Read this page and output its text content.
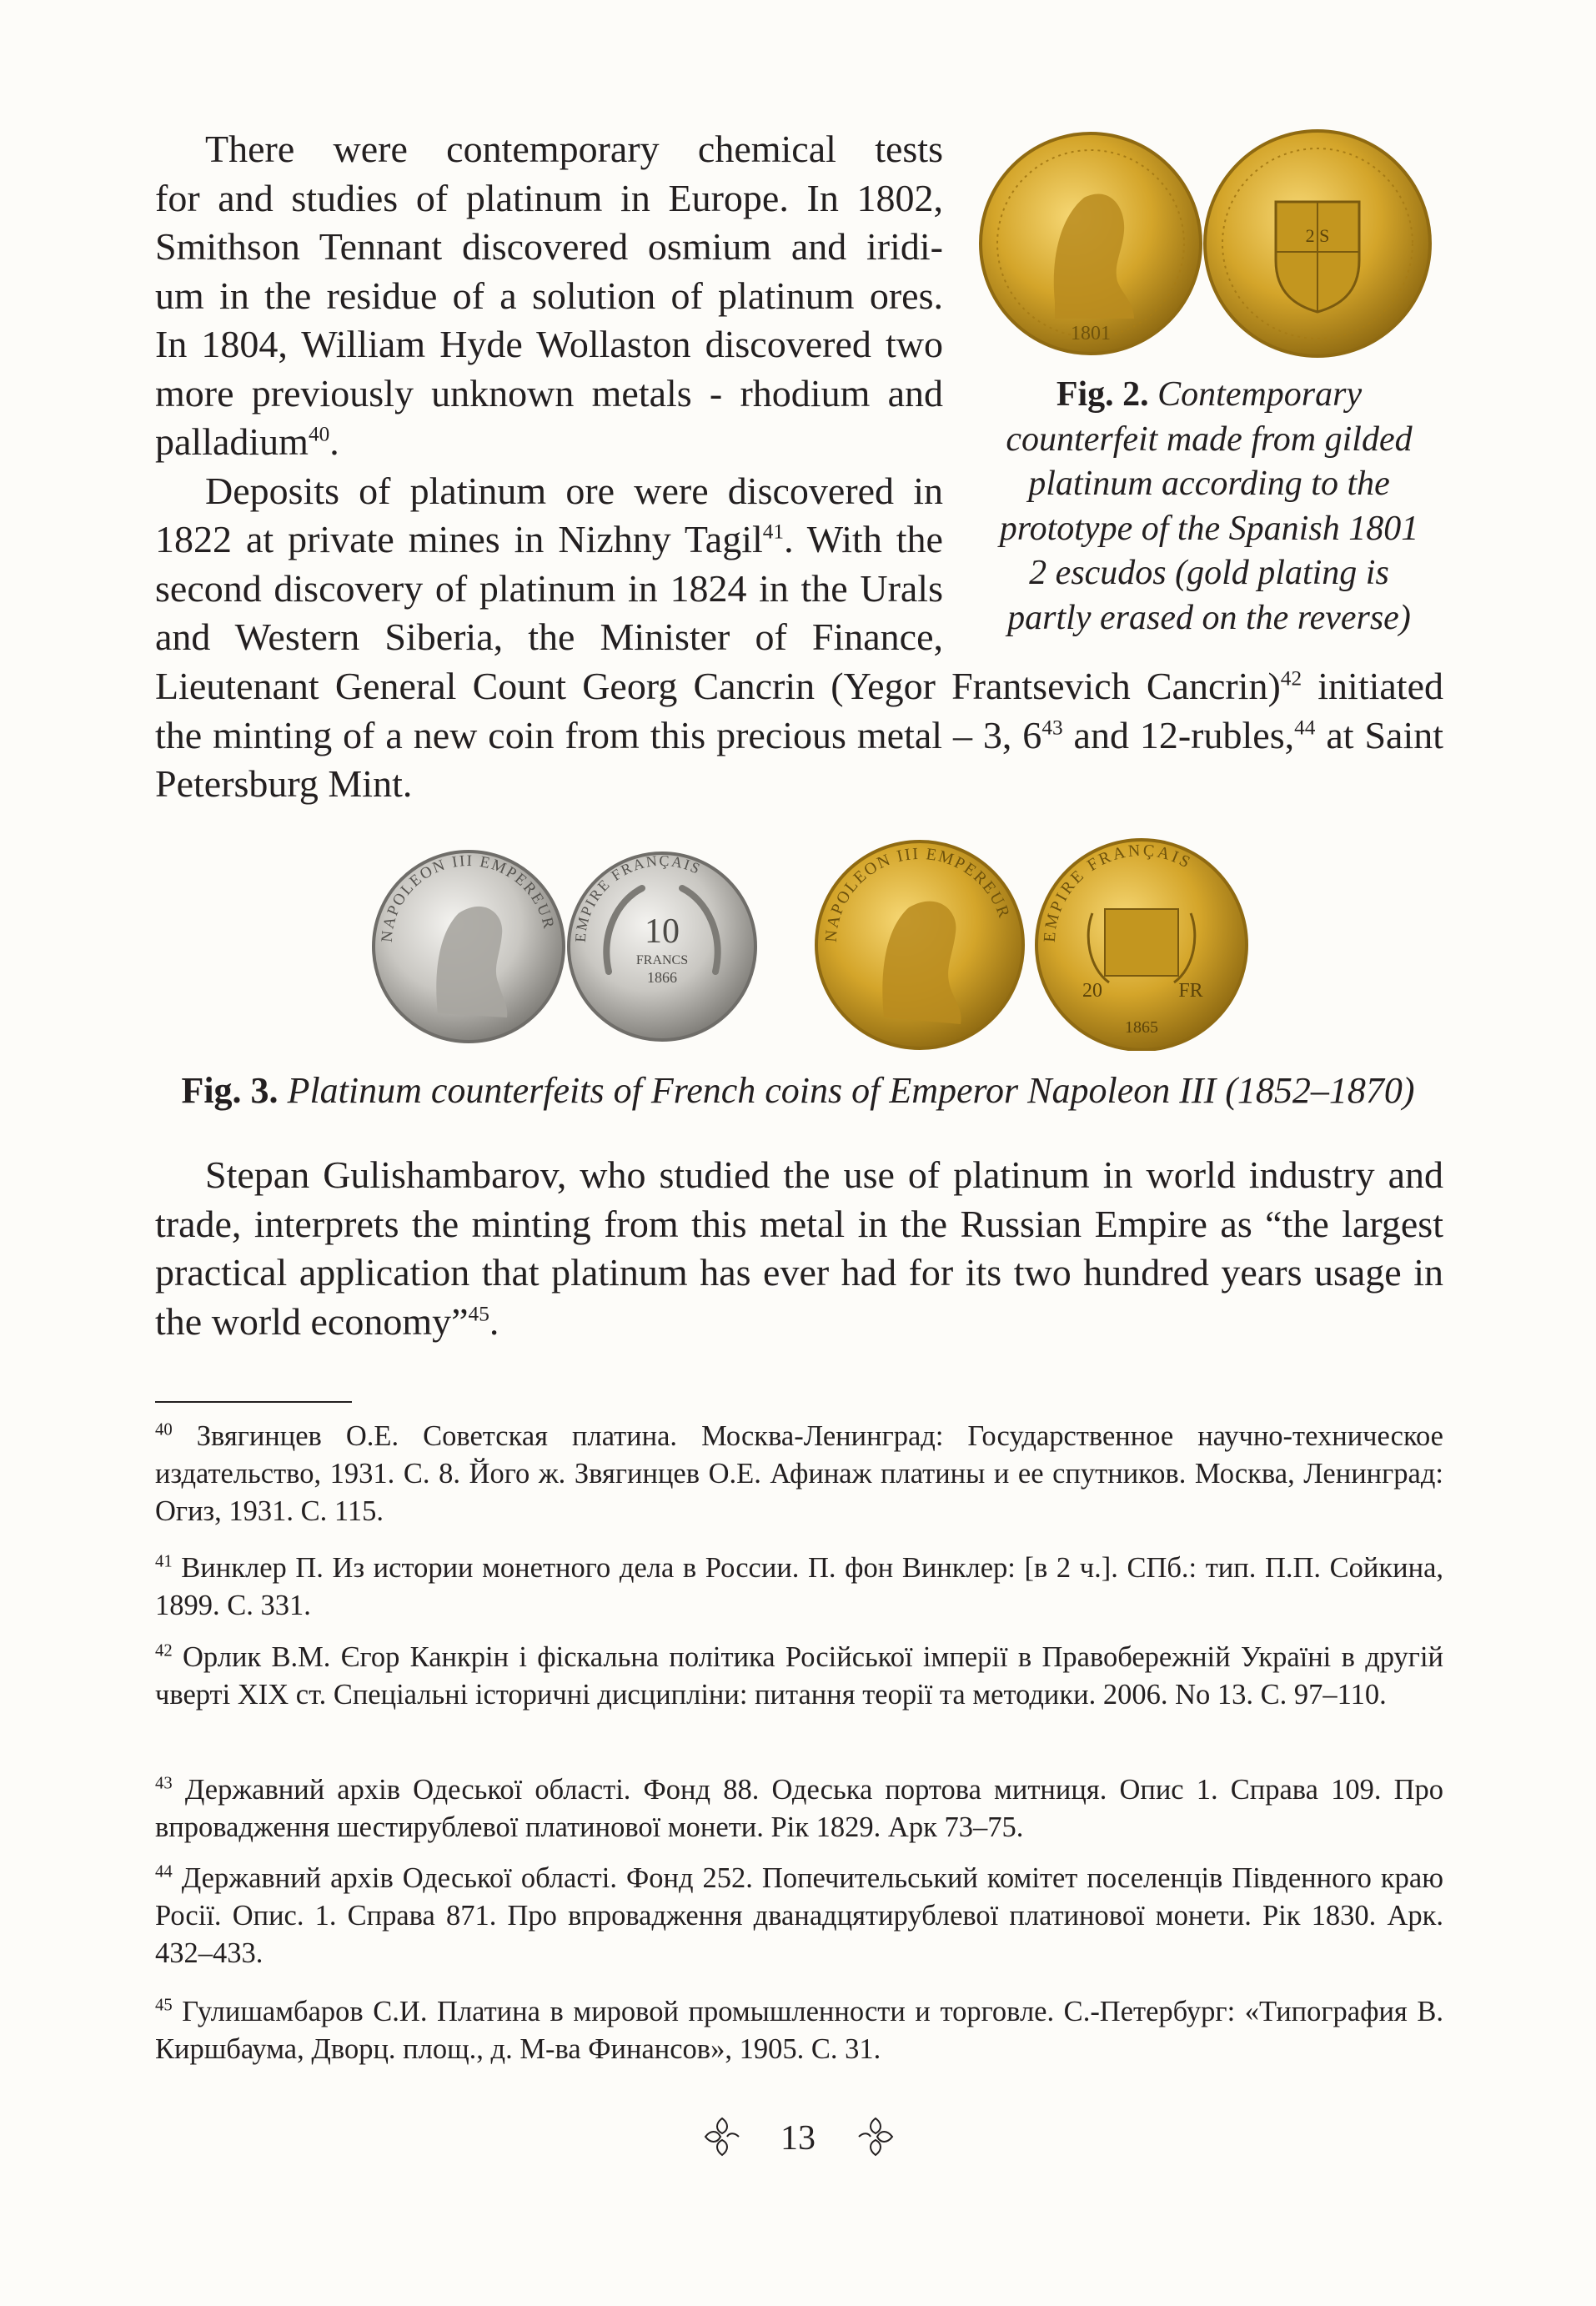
There were contemporary chemical tests
for and studies of platinum in Europe. In 1802,
Smithson Tennant discovered osmium and iridi-
um in the residue of a solution of platinum ores.
In 1804, William Hyde Wollaston discovered two
more previously unknown metals - rhodium and
palladium$^{40}$.
Deposits of platinum ore were discovered in
1822 at private mines in Nizhny Tagil$^{41}$. With the
second discovery of platinum in 1824 in the Urals
and Western Siberia, the Minister of Finance,
Lieutenant General Count Georg Cancrin (Yegor Frantsevich Cancrin)$^{42}$ initiated
the minting of a new coin from this precious metal – 3, $6^{43}$ and 12-rubles,$^{44}$ at Saint
Petersburg Mint.
1801
2 S
Fig. 2. Contemporary
counterfeit made from gilded
platinum according to the
prototype of the Spanish 1801
2 escudos (gold plating is
partly erased on the reverse)
NAPOLEON III EMPEREUR 10
FRANCS
1866
EMPIRE FRANÇAIS
NAPOLEON III EMPEREUR
20	FR
1865
EMPIRE FRANÇAIS
Fig. 3. Platinum counterfeits of French coins of Emperor Napoleon III (1852–1870)
Stepan Gulishambarov, who studied the use of platinum in world industry and
trade, interprets the minting from this metal in the Russian Empire as “the largest
practical application that platinum has ever had for its two hundred years usage in
the world economy”$^{45}$.

$^{40}$ Звягинцев О.Е. Советская платина. Москва-Ленинград: Государственное научно-техническое издательство, 1931. С. 8. Його ж. Звягинцев О.Е. Афинаж платины и ее спутников. Москва, Ленинград: Огиз, 1931. С. 115.

$^{41}$ Винклер П. Из истории монетного дела в России. П. фон Винклер: [в 2 ч.]. СПб.: тип. П.П. Сойкина, 1899. С. 331.

$^{42}$ Орлик В.М. Єгор Канкрін і фіскальна політика Російської імперії в Правобережній Україні в другій чверті XIX ст. Спеціальні історичні дисципліни: питання теорії та методики. 2006. No 13. С. 97–110.

$^{43}$ Державний архів Одеської області. Фонд 88. Одеська портова митниця. Опис 1. Справа 109. Про впровадження шестирублевої платинової монети. Рік 1829. Арк 73–75.

$^{44}$ Державний архів Одеської області. Фонд 252. Попечительський комітет поселенців Південного краю Росії. Опис. 1. Справа 871. Про впровадження дванадцятирублевої платинової монети. Рік 1830. Арк. 432–433.

$^{45}$ Гулишамбаров С.И. Платина в мировой промышленности и торговле. С.-Петербург: «Типография В. Киршбаума, Дворц. площ., д. М-ва Финансов», 1905. С. 31.

13
